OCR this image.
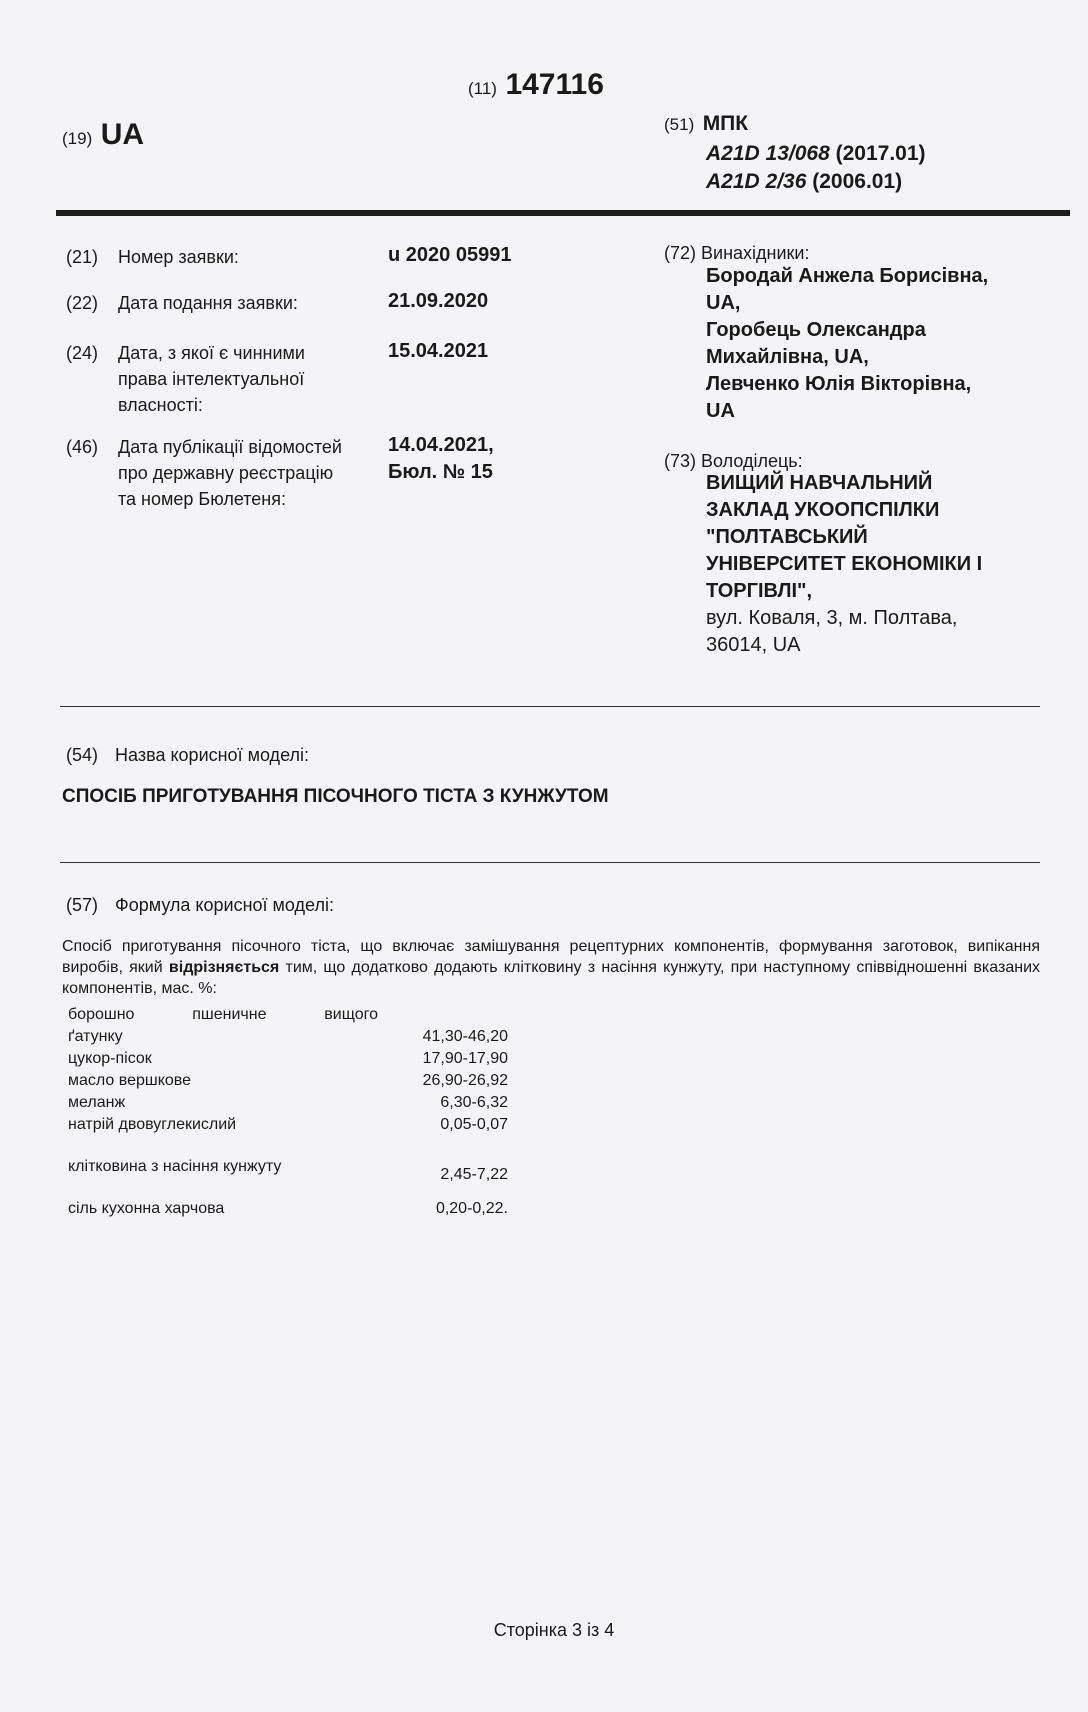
(11) 147116
(19) UA	(51) МПК
A21D 13/068 (2017.01)
A21D 2/36 (2006.01)
(21) Номер заявки:	u 2020 05991
(22) Дата подання заявки:	21.09.2020
(24) Дата, з якої є чинними
права інтелектуальної
власності:
15.04.2021
(46) Дата публікації відомостей
про державну реєстрацію
та номер Бюлетеня:
14.04.2021,
Бюл. № 15
(72) Винахідники:
Бородай Анжела Борисівна,
UA,
Горобець Олександра
Михайлівна, UA,
Левченко Юлія Вікторівна,
UA
(73) Володілець:
ВИЩИЙ НАВЧАЛЬНИЙ
ЗАКЛАД УКООПСПІЛКИ
"ПОЛТАВСЬКИЙ
УНІВЕРСИТЕТ ЕКОНОМІКИ І
ТОРГІВЛІ",
вул. Коваля, 3, м. Полтава,
36014, UA
(54) Назва корисної моделі:
СПОСІБ ПРИГОТУВАННЯ ПІСОЧНОГО ТІСТА З КУНЖУТОМ
(57) Формула корисної моделі:
Спосіб приготування пісочного тіста, що включає замішування рецептурних компонентів, формування заготовок, випікання виробів, який відрізняється тим, що додатково додають клітковину з насіння кунжуту, при наступному співвідношенні вказаних компонентів, мас. %:
борошно пшеничне вищого
ґатунку	41,30-46,20
цукор-пісок	17,90-17,90
масло вершкове	26,90-26,92
меланж	6,30-6,32
натрій двовуглекислий	0,05-0,07
клітковина з насіння кунжуту	2,45-7,22
сіль кухонна харчова	0,20-0,22.
Сторінка 3 із 4
